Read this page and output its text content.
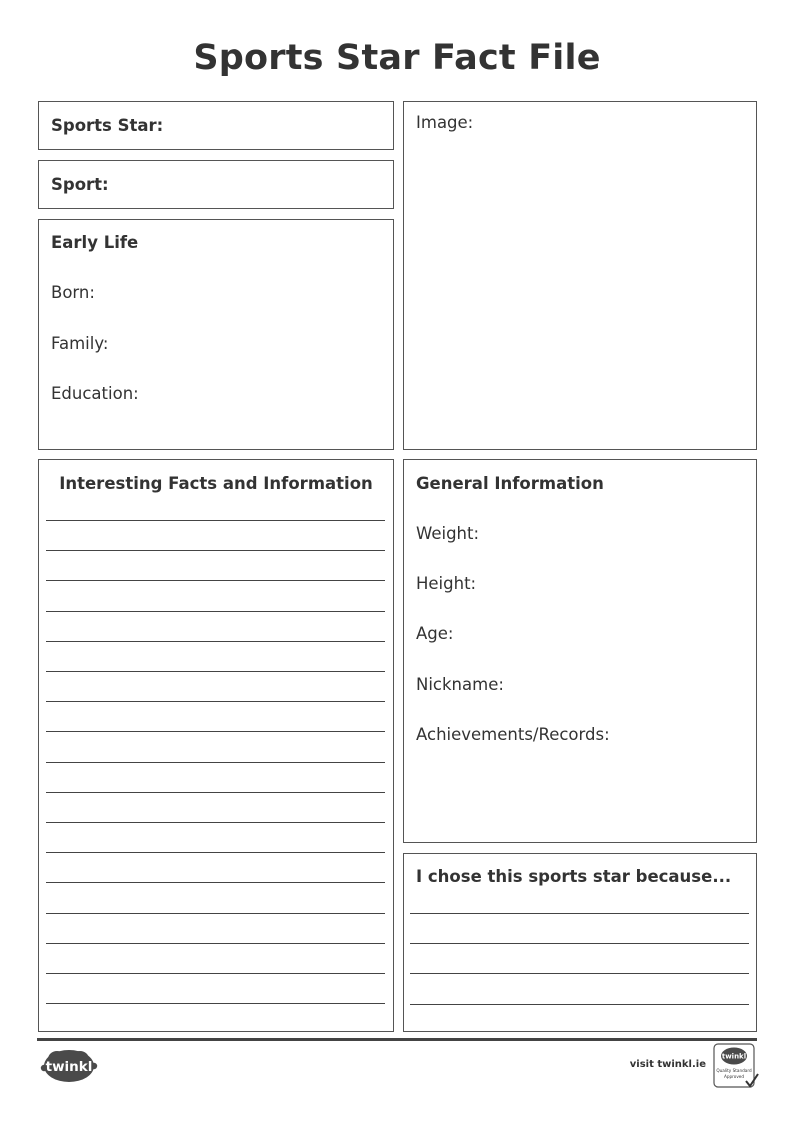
Sports Star Fact File
Sports Star:
Sport:
Early Life
Born:
Family:
Education:
Image:
Interesting Facts and Information	General Information
Weight:
Height:
Age:
Nickname:
Achievements/Records:
I chose this sports star because...
twinkl	visit twinkl.ie
twinkl
Quality Standard
Approved
